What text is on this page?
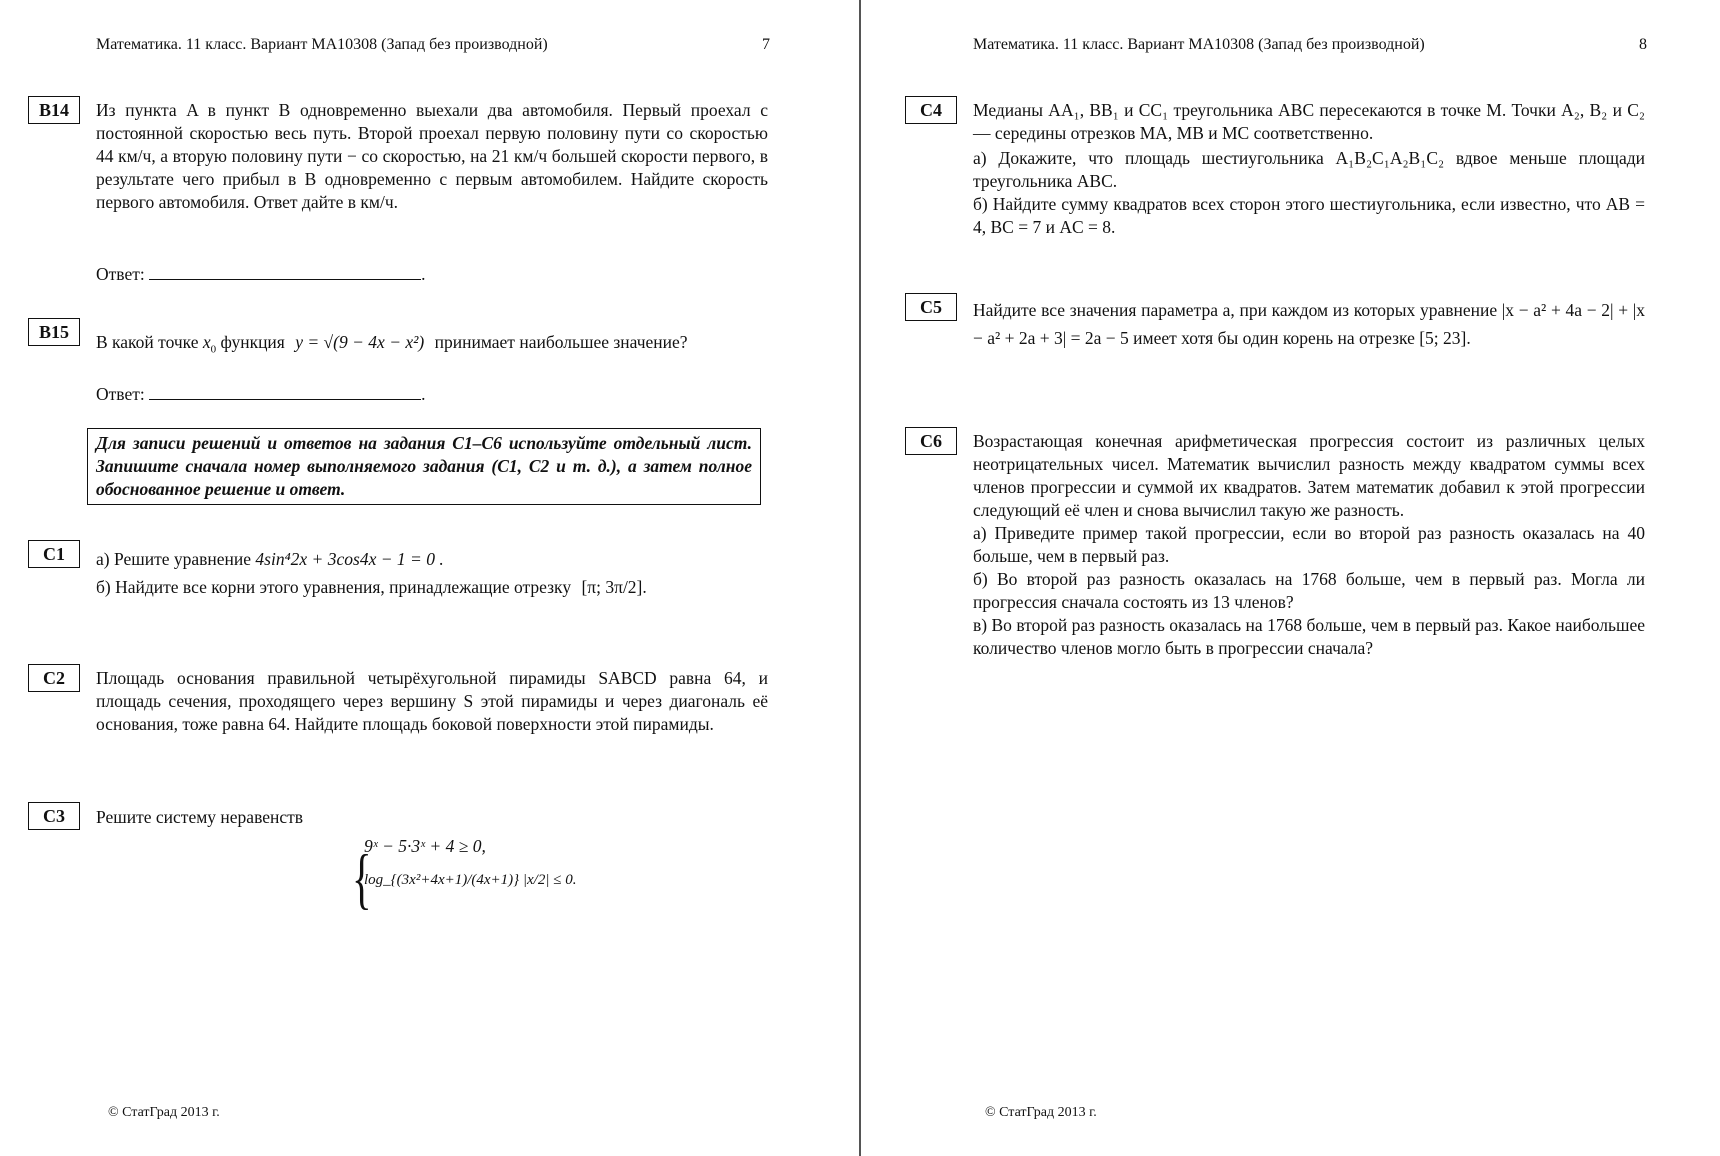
Математика. 11 класс. Вариант МА10308 (Запад без производной)	7
B14	Из пункта A в пункт B одновременно выехали два автомобиля. Первый проехал с постоянной скоростью весь путь. Второй проехал первую половину пути со скоростью 44 км/ч, а вторую половину пути − со скоростью, на 21 км/ч большей скорости первого, в результате чего прибыл в B одновременно с первым автомобилем. Найдите скорость первого автомобиля. Ответ дайте в км/ч.
Ответ:	.
B15	В какой точке $x_0$ функция y = √(9 − 4x − x²) принимает наибольшее значение?
Ответ:	.
Для записи решений и ответов на задания С1–С6 используйте отдельный лист. Запишите сначала номер выполняемого задания (С1, С2 и т. д.), а затем полное обоснованное решение и ответ.
C1	а) Решите уравнение 4sin⁴2x + 3cos4x − 1 = 0 .
б) Найдите все корни этого уравнения, принадлежащие отрезку [π; 3π/2].
C2	Площадь основания правильной четырёхугольной пирамиды SABCD равна 64, и площадь сечения, проходящего через вершину S этой пирамиды и через диагональ её основания, тоже равна 64. Найдите площадь боковой поверхности этой пирамиды.
C3	Решите систему неравенств
{
9ˣ − 5·3ˣ + 4 ≥ 0,
log_{(3x²+4x+1)/(4x+1)} |x/2| ≤ 0.
© СтатГрад 2013 г.
Математика. 11 класс. Вариант МА10308 (Запад без производной)	8
C4	Медианы AA₁, BB₁ и CC₁ треугольника ABC пересекаются в точке M. Точки A₂, B₂ и C₂ — середины отрезков MA, MB и MC соответственно.

а) Докажите, что площадь шестиугольника A₁B₂C₁A₂B₁C₂ вдвое меньше площади треугольника ABC.

б) Найдите сумму квадратов всех сторон этого шестиугольника, если известно, что AB = 4, BC = 7 и AC = 8.

C5	Найдите все значения параметра a, при каждом из которых уравнение |x − a² + 4a − 2| + |x − a² + 2a + 3| = 2a − 5 имеет хотя бы один корень на отрезке [5; 23].
C6	Возрастающая конечная арифметическая прогрессия состоит из различных целых неотрицательных чисел. Математик вычислил разность между квадратом суммы всех членов прогрессии и суммой их квадратов. Затем математик добавил к этой прогрессии следующий её член и снова вычислил такую же разность.

а) Приведите пример такой прогрессии, если во второй раз разность оказалась на 40 больше, чем в первый раз.

б) Во второй раз разность оказалась на 1768 больше, чем в первый раз. Могла ли прогрессия сначала состоять из 13 членов?

в) Во второй раз разность оказалась на 1768 больше, чем в первый раз. Какое наибольшее количество членов могло быть в прогрессии сначала?

© СтатГрад 2013 г.
